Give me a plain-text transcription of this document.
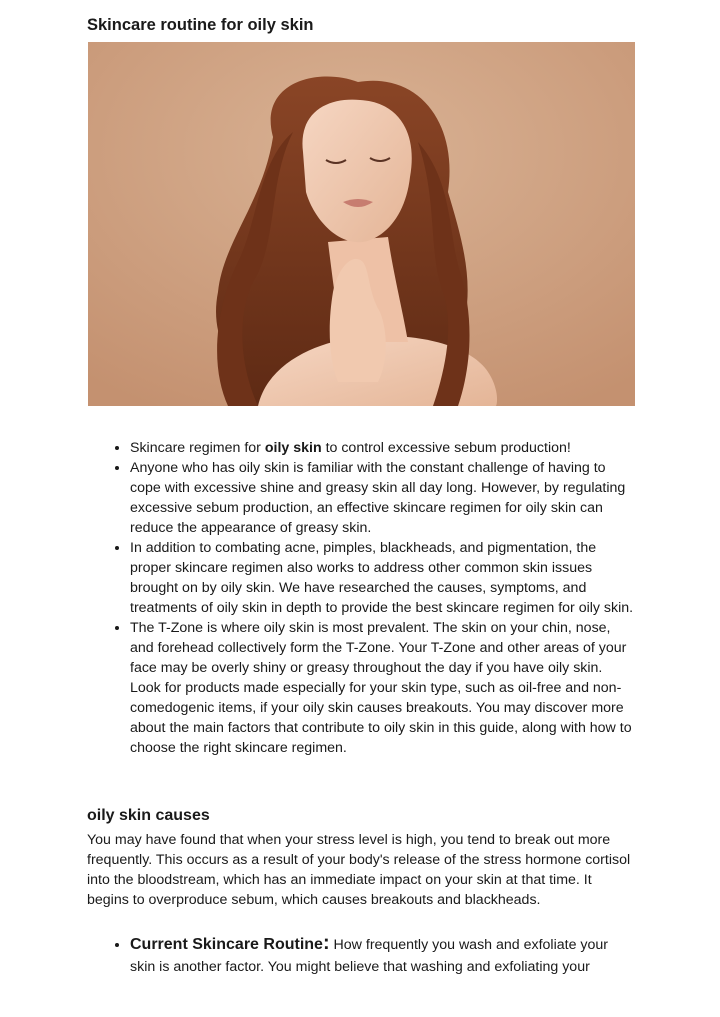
Skincare routine for oily skin
• Skincare regimen for oily skin to control excessive sebum production!
• Anyone who has oily skin is familiar with the constant challenge of having to cope with excessive shine and greasy skin all day long. However, by regulating excessive sebum production, an effective skincare regimen for oily skin can reduce the appearance of greasy skin.
• In addition to combating acne, pimples, blackheads, and pigmentation, the proper skincare regimen also works to address other common skin issues brought on by oily skin. We have researched the causes, symptoms, and treatments of oily skin in depth to provide the best skincare regimen for oily skin.
• The T-Zone is where oily skin is most prevalent. The skin on your chin, nose, and forehead collectively form the T-Zone. Your T-Zone and other areas of your face may be overly shiny or greasy throughout the day if you have oily skin. Look for products made especially for your skin type, such as oil-free and non-comedogenic items, if your oily skin causes breakouts. You may discover more about the main factors that contribute to oily skin in this guide, along with how to choose the right skincare regimen.
oily skin causes

You may have found that when your stress level is high, you tend to break out more frequently. This occurs as a result of your body's release of the stress hormone cortisol into the bloodstream, which has an immediate impact on your skin at that time. It begins to overproduce sebum, which causes breakouts and blackheads.

• Current Skincare Routine: How frequently you wash and exfoliate your skin is another factor. You might believe that washing and exfoliating your
